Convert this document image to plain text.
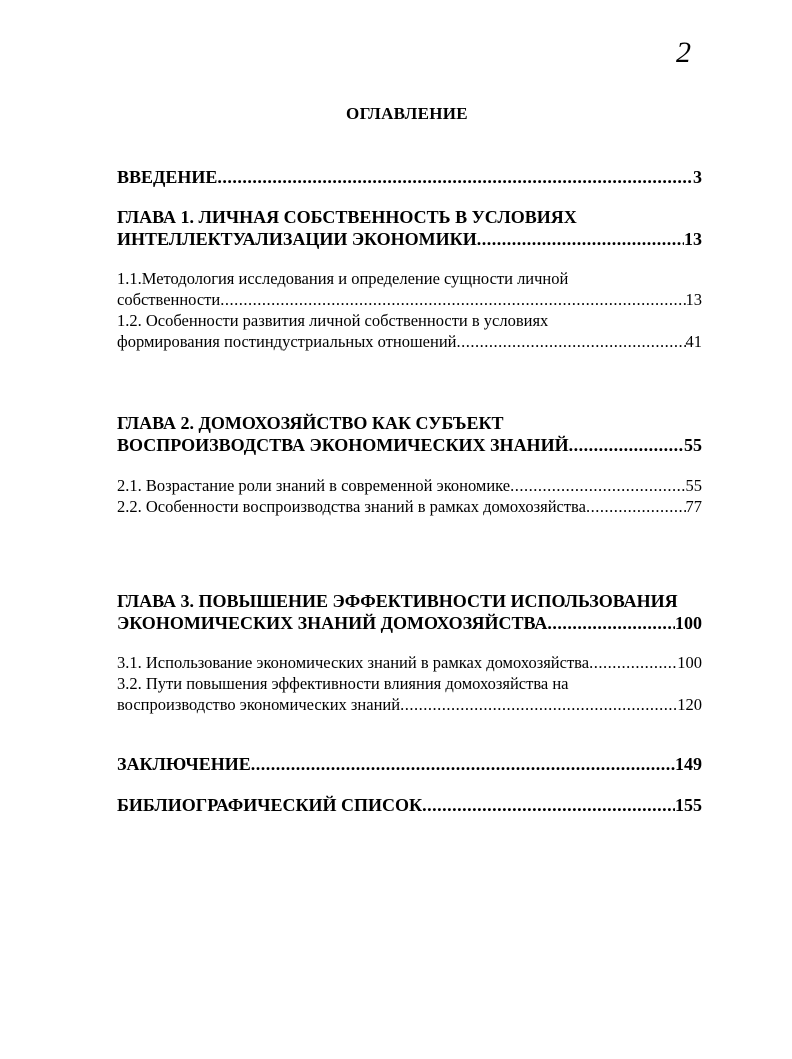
2
ОГЛАВЛЕНИЕ
ВВЕДЕНИЕ .....	3
ГЛАВА 1. ЛИЧНАЯ СОБСТВЕННОСТЬ В УСЛОВИЯХ
ИНТЕЛЛЕКТУАЛИЗАЦИИ ЭКОНОМИКИ .....	13
1.1.Методология исследования и определение сущности личной
собственности .....	13
1.2. Особенности развития личной собственности в условиях
формирования постиндустриальных отношений .....	41
ГЛАВА 2. ДОМОХОЗЯЙСТВО КАК СУБЪЕКТ
ВОСПРОИЗВОДСТВА ЭКОНОМИЧЕСКИХ ЗНАНИЙ .....	55
2.1. Возрастание роли знаний в современной экономике .....	55
2.2. Особенности воспроизводства знаний в рамках домохозяйства .....	77
ГЛАВА 3. ПОВЫШЕНИЕ ЭФФЕКТИВНОСТИ ИСПОЛЬЗОВАНИЯ
ЭКОНОМИЧЕСКИХ ЗНАНИЙ ДОМОХОЗЯЙСТВА .....	100
3.1. Использование экономических знаний в рамках домохозяйства .....	100
3.2. Пути повышения эффективности влияния домохозяйства на
воспроизводство экономических знаний .....	120
ЗАКЛЮЧЕНИЕ .....	149
БИБЛИОГРАФИЧЕСКИЙ СПИСОК .....	155
